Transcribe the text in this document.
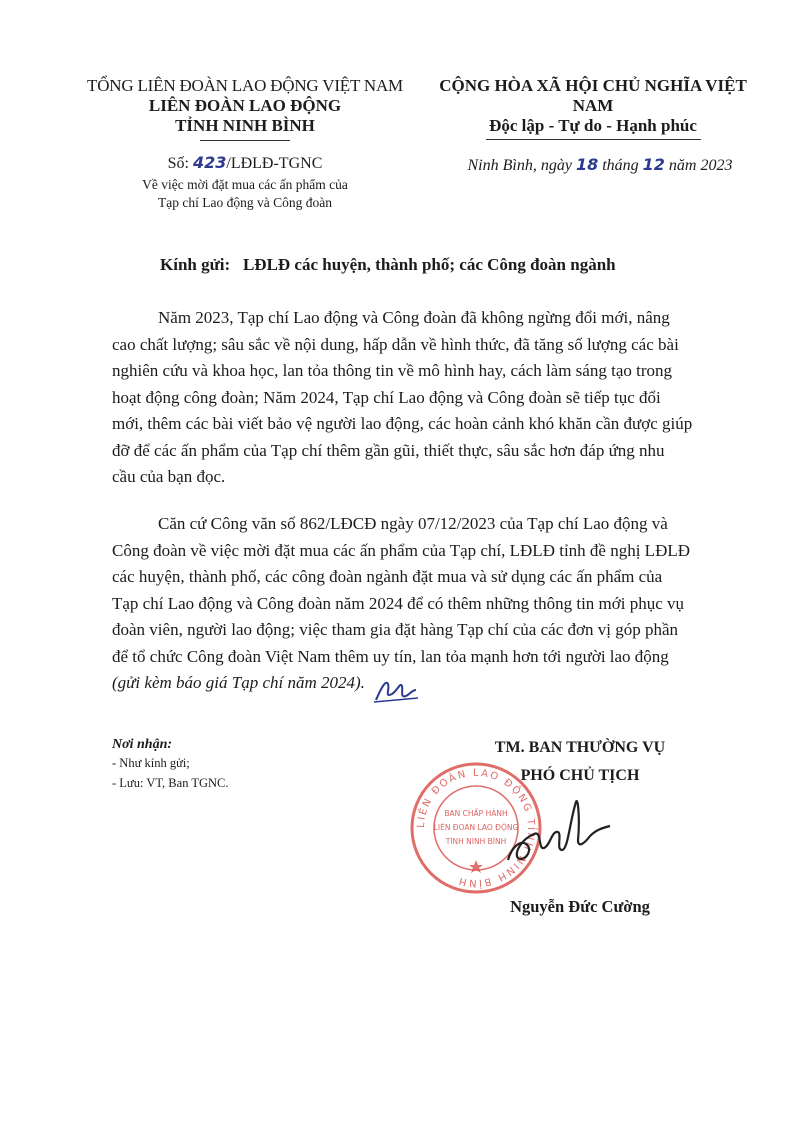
TỔNG LIÊN ĐOÀN LAO ĐỘNG VIỆT NAM
LIÊN ĐOÀN LAO ĐỘNG
TỈNH NINH BÌNH
CỘNG HÒA XÃ HỘI CHỦ NGHĨA VIỆT NAM
Độc lập - Tự do - Hạnh phúc
Số: 423/LĐLĐ-TGNC
Về việc mời đặt mua các ấn phẩm của
Tạp chí Lao động và Công đoàn
Ninh Bình, ngày 18 tháng 12 năm 2023
Kính gửi: LĐLĐ các huyện, thành phố; các Công đoàn ngành
Năm 2023, Tạp chí Lao động và Công đoàn đã không ngừng đổi mới, nâng
cao chất lượng; sâu sắc về nội dung, hấp dẫn về hình thức, đã tăng số lượng các bài
nghiên cứu và khoa học, lan tỏa thông tin về mô hình hay, cách làm sáng tạo trong
hoạt động công đoàn; Năm 2024, Tạp chí Lao động và Công đoàn sẽ tiếp tục đổi
mới, thêm các bài viết bảo vệ người lao động, các hoàn cảnh khó khăn cần được giúp
đỡ để các ấn phẩm của Tạp chí thêm gần gũi, thiết thực, sâu sắc hơn đáp ứng nhu
cầu của bạn đọc.
Căn cứ Công văn số 862/LĐCĐ ngày 07/12/2023 của Tạp chí Lao động và
Công đoàn về việc mời đặt mua các ấn phẩm của Tạp chí, LĐLĐ tỉnh đề nghị LĐLĐ
các huyện, thành phố, các công đoàn ngành đặt mua và sử dụng các ấn phẩm của
Tạp chí Lao động và Công đoàn năm 2024 để có thêm những thông tin mới phục vụ
đoàn viên, người lao động; việc tham gia đặt hàng Tạp chí của các đơn vị góp phần
để tổ chức Công đoàn Việt Nam thêm uy tín, lan tỏa mạnh hơn tới người lao động
(gửi kèm báo giá Tạp chí năm 2024).
Nơi nhận:
- Như kính gửi;
- Lưu: VT, Ban TGNC.
TM. BAN THƯỜNG VỤ
PHÓ CHỦ TỊCH
LIÊN ĐOÀN LAO ĐỘNG TỈNH NINH BÌNH
BAN CHẤP HÀNH
LIÊN ĐOÀN LAO ĐỘNG
TỈNH NINH BÌNH
Nguyễn Đức Cường
